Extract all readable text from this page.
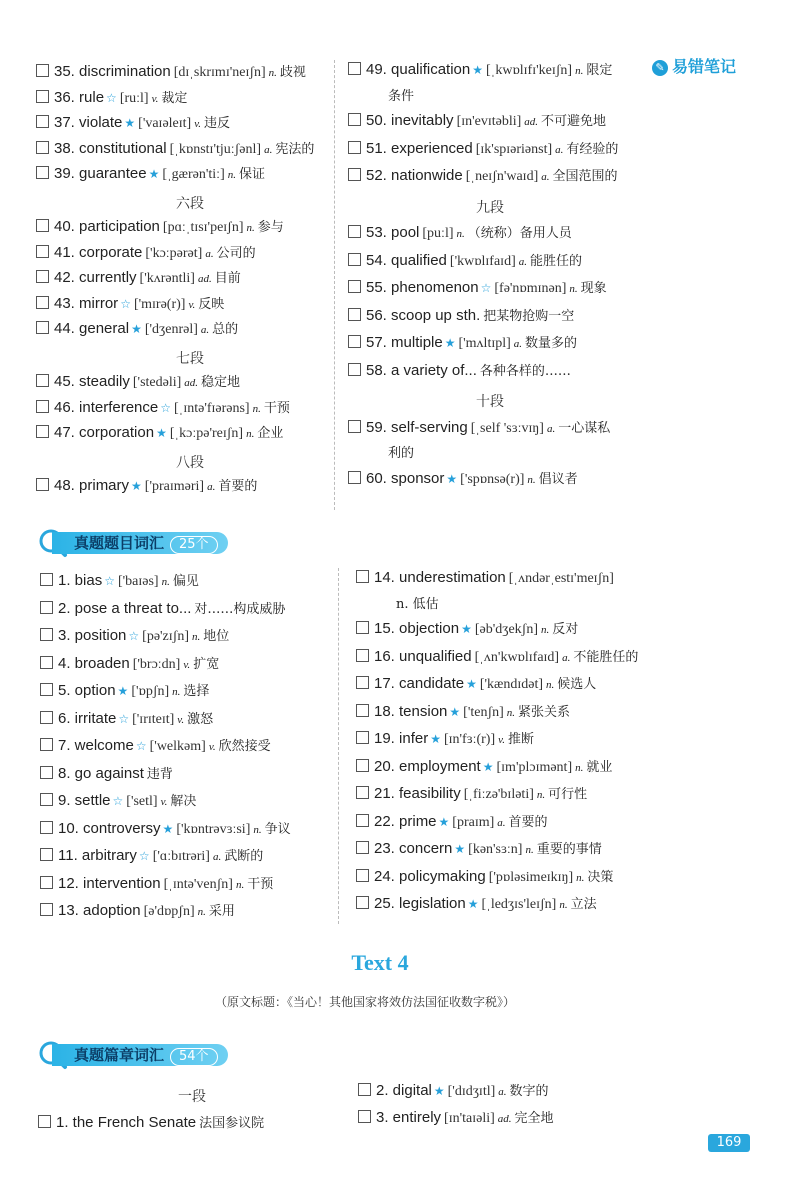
✎ 易错笔记
真题题目词汇 25个
Text 4
（原文标题：《当心！其他国家将效仿法国征收数字税》）
真题篇章词汇 54个
169
35. discrimination [dɪˌskrɪmɪ'neɪʃn] n. 歧视
36. rule ☆ [ruːl] v. 裁定
37. violate ★ ['vaɪəleɪt] v. 违反
38. constitutional [ˌkɒnstɪ'tjuːʃənl] a. 宪法的
39. guarantee ★ [ˌgærən'tiː] n. 保证
六段
40. participation [pɑːˌtɪsɪ'peɪʃn] n. 参与
41. corporate ['kɔːpərət] a. 公司的
42. currently ['kʌrəntli] ad. 目前
43. mirror ☆ ['mɪrə(r)] v. 反映
44. general ★ ['dʒenrəl] a. 总的
七段
45. steadily ['stedəli] ad. 稳定地
46. interference ☆ [ˌɪntə'fɪərəns] n. 干预
47. corporation ★ [ˌkɔːpə'reɪʃn] n. 企业
八段
48. primary ★ ['praɪməri] a. 首要的
49. qualification ★ [ˌkwɒlɪfɪ'keɪʃn] n. 限定
条件
50. inevitably [ɪn'evɪtəbli] ad. 不可避免地
51. experienced [ɪk'spɪəriənst] a. 有经验的
52. nationwide [ˌneɪʃn'waɪd] a. 全国范围的
九段
53. pool [puːl] n. （统称）备用人员
54. qualified ['kwɒlɪfaɪd] a. 能胜任的
55. phenomenon ☆ [fə'nɒmɪnən] n. 现象
56. scoop up sth. 把某物抢购一空
57. multiple ★ ['mʌltɪpl] a. 数量多的
58. a variety of... 各种各样的……
十段
59. self-serving [ˌself 'sɜːvɪŋ] a. 一心谋私
利的
60. sponsor ★ ['spɒnsə(r)] n. 倡议者
1. bias ☆ ['baɪəs] n. 偏见
2. pose a threat to... 对……构成威胁
3. position ☆ [pə'zɪʃn] n. 地位
4. broaden ['brɔːdn] v. 扩宽
5. option ★ ['ɒpʃn] n. 选择
6. irritate ☆ ['ɪrɪteɪt] v. 激怒
7. welcome ☆ ['welkəm] v. 欣然接受
8. go against 违背
9. settle ☆ ['setl] v. 解决
10. controversy ★ ['kɒntrəvɜːsi] n. 争议
11. arbitrary ☆ ['ɑːbɪtrəri] a. 武断的
12. intervention [ˌɪntə'venʃn] n. 干预
13. adoption [ə'dɒpʃn] n. 采用
14. underestimation [ˌʌndərˌestɪ'meɪʃn]
n. 低估
15. objection ★ [əb'dʒekʃn] n. 反对
16. unqualified [ˌʌn'kwɒlɪfaɪd] a. 不能胜任的
17. candidate ★ ['kændɪdət] n. 候选人
18. tension ★ ['tenʃn] n. 紧张关系
19. infer ★ [ɪn'fɜː(r)] v. 推断
20. employment ★ [ɪm'plɔɪmənt] n. 就业
21. feasibility [ˌfiːzə'bɪləti] n. 可行性
22. prime ★ [praɪm] a. 首要的
23. concern ★ [kən'sɜːn] n. 重要的事情
24. policymaking ['pɒləsimeɪkɪŋ] n. 决策
25. legislation ★ [ˌledʒɪs'leɪʃn] n. 立法
一段
1. the French Senate 法国参议院
2. digital ★ ['dɪdʒɪtl] a. 数字的
3. entirely [ɪn'taɪəli] ad. 完全地
